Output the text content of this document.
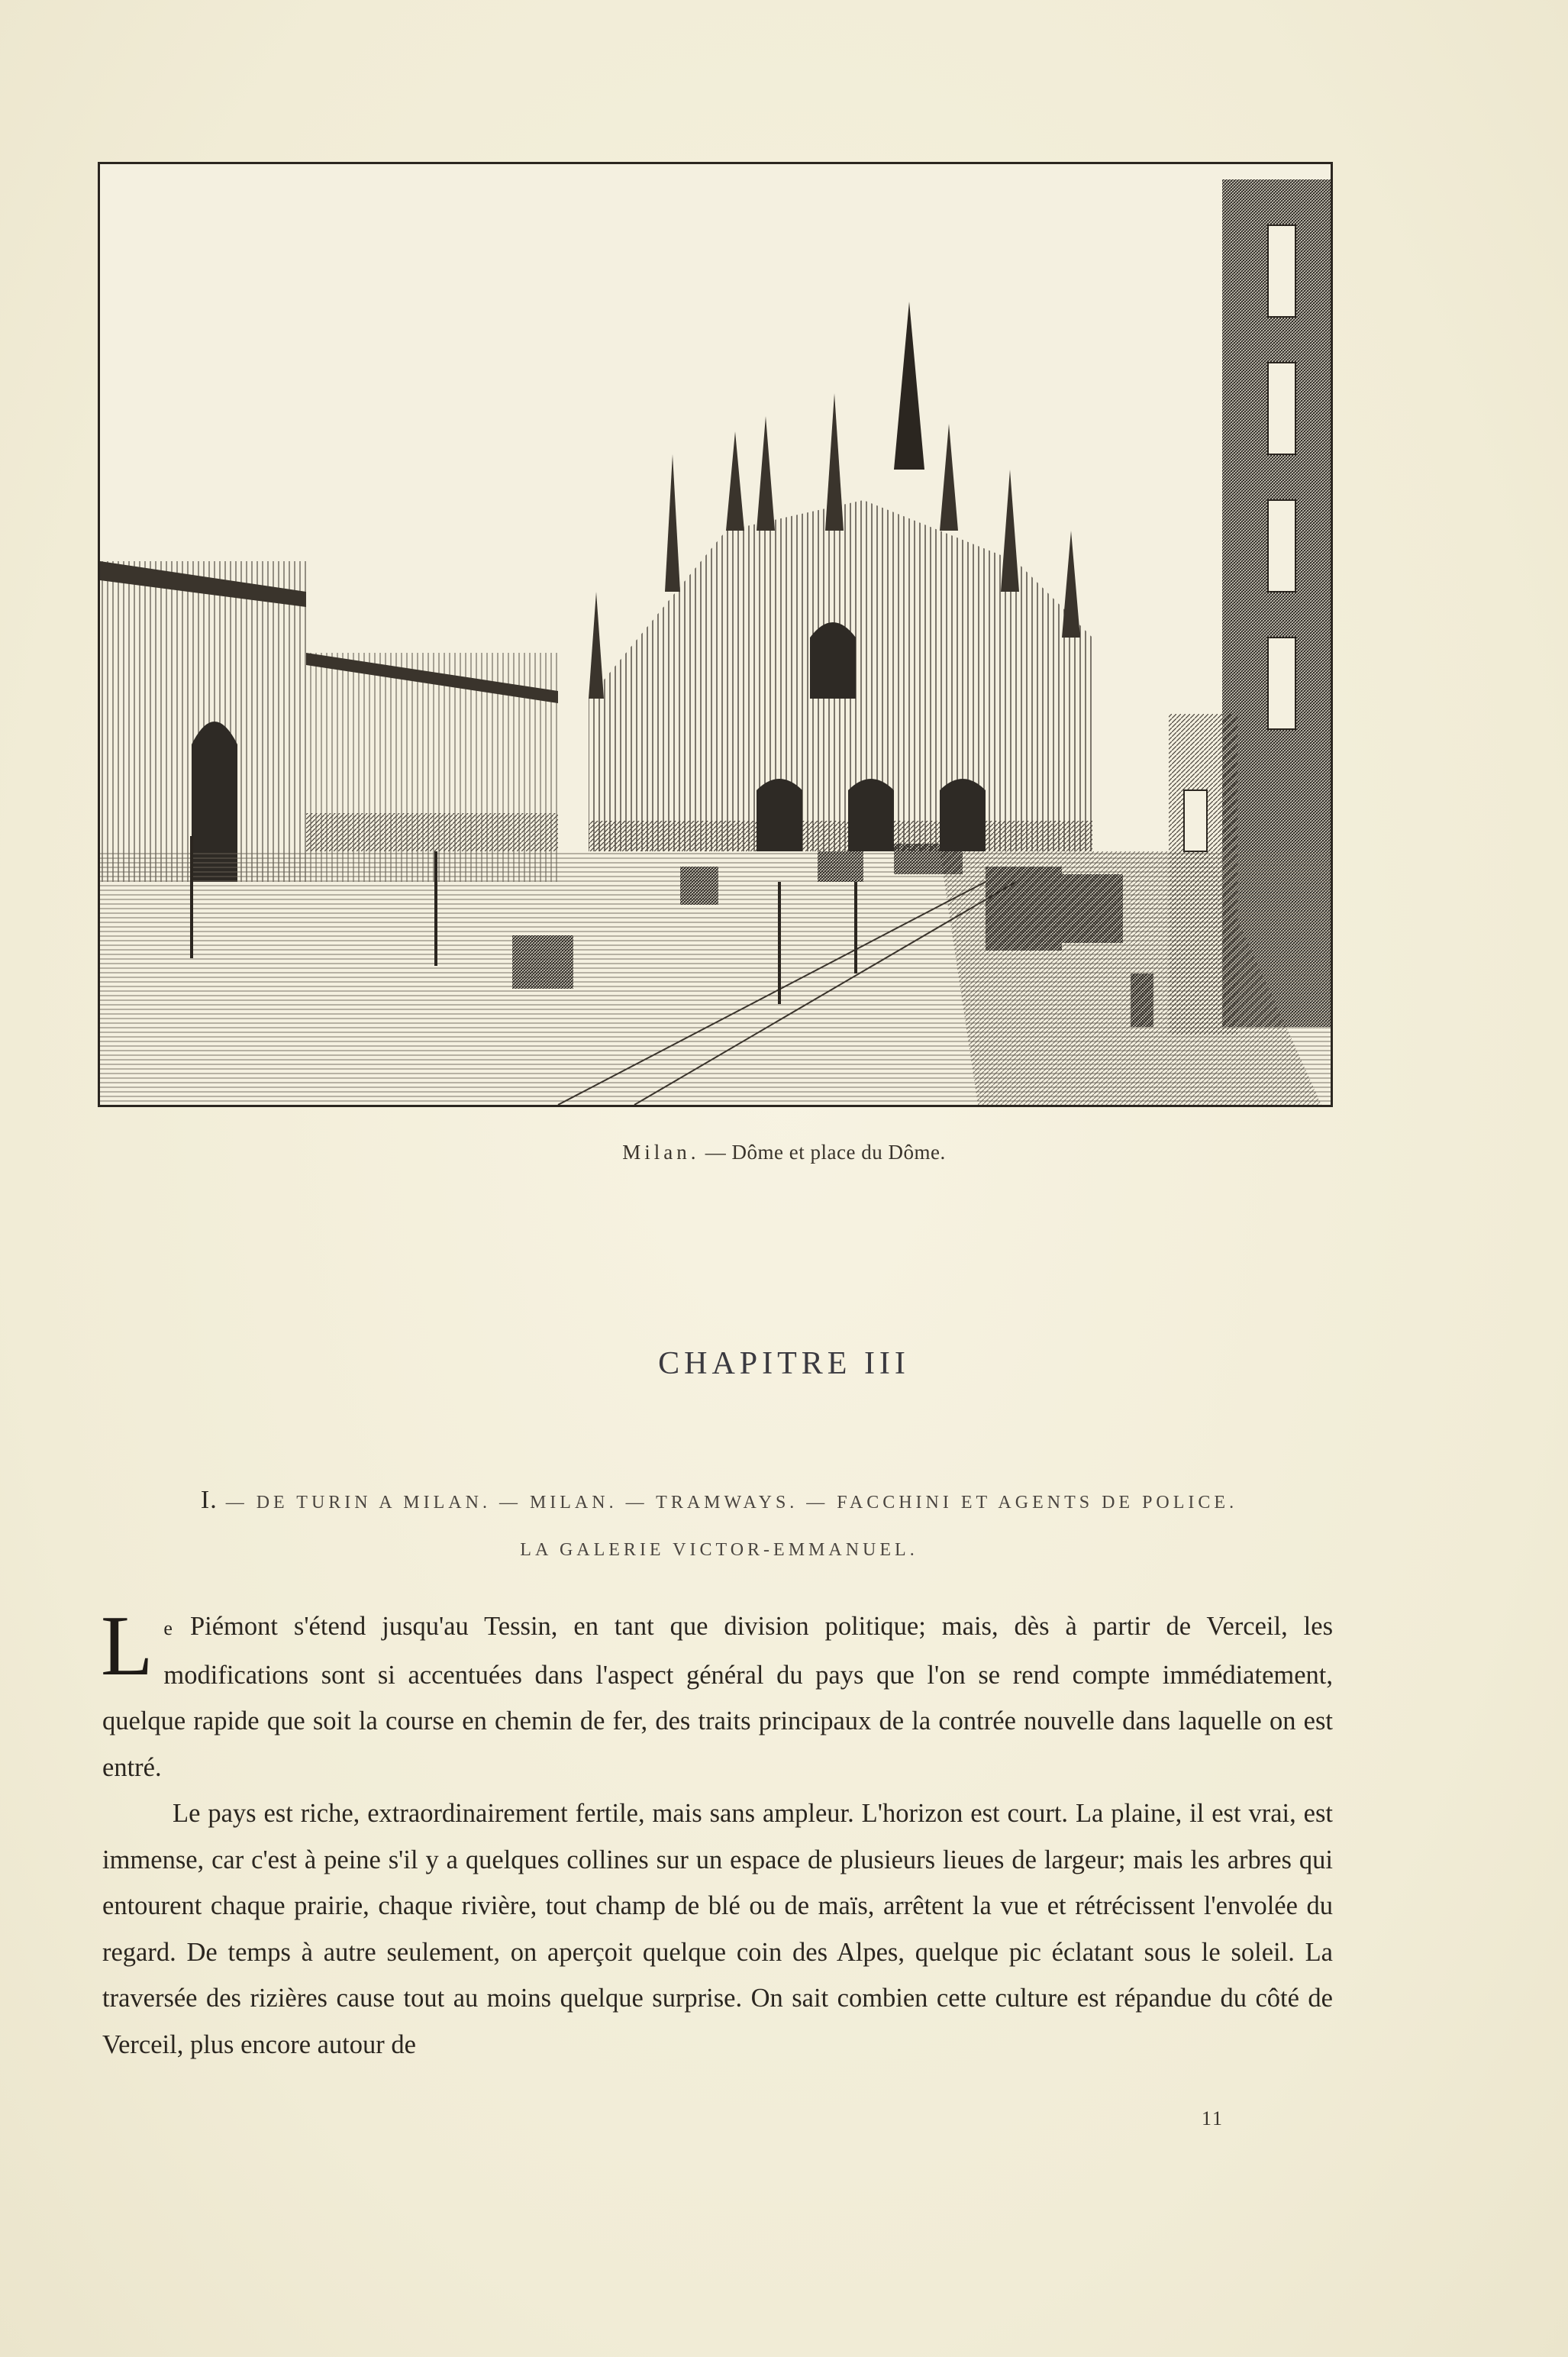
Milan. — Dôme et place du Dôme.
CHAPITRE III
I. — DE TURIN A MILAN. — MILAN. — TRAMWAYS. — FACCHINI ET AGENTS DE POLICE.
LA GALERIE VICTOR-EMMANUEL.

Le Piémont s'étend jusqu'au Tessin, en tant que division politique; mais, dès à partir de Verceil, les modifications sont si accentuées dans l'aspect général du pays que l'on se rend compte immédiatement, quelque rapide que soit la course en chemin de fer, des traits principaux de la contrée nouvelle dans laquelle on est entré.

Le pays est riche, extraordinairement fertile, mais sans ampleur. L'horizon est court. La plaine, il est vrai, est immense, car c'est à peine s'il y a quelques collines sur un espace de plusieurs lieues de largeur; mais les arbres qui entourent chaque prairie, chaque rivière, tout champ de blé ou de maïs, arrêtent la vue et rétrécissent l'envolée du regard. De temps à autre seulement, on aperçoit quelque coin des Alpes, quelque pic éclatant sous le soleil. La traversée des rizières cause tout au moins quelque surprise. On sait combien cette culture est répandue du côté de Verceil, plus encore autour de

11
